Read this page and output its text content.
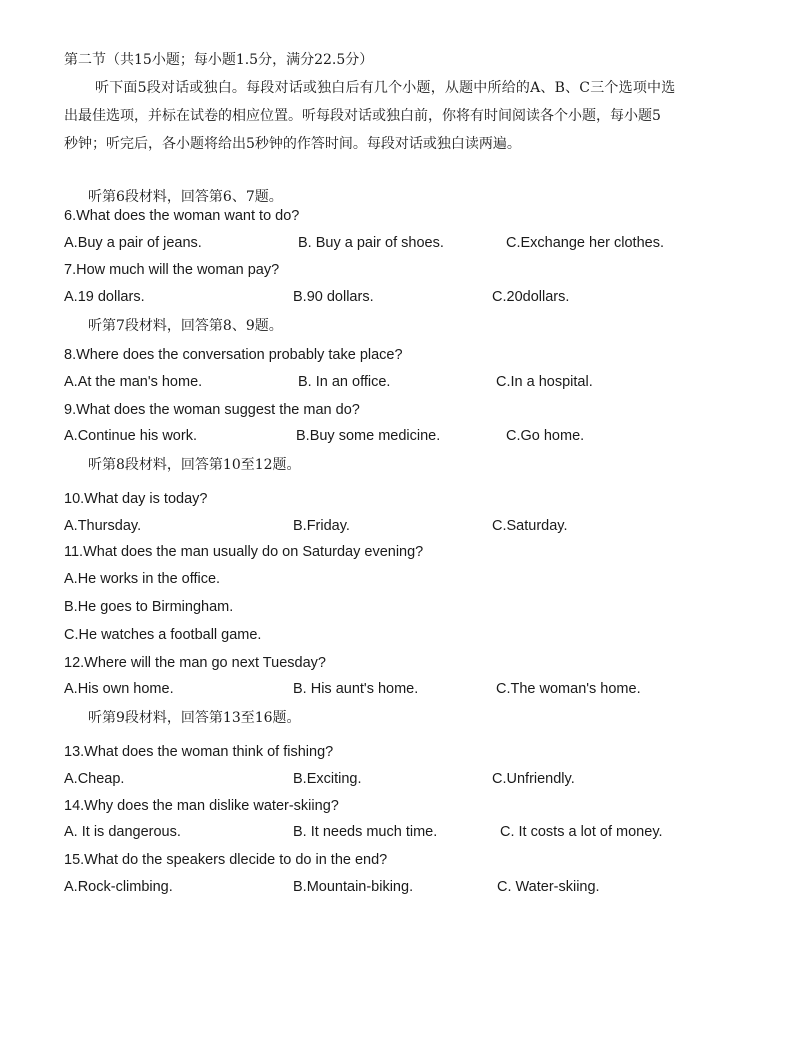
第二节（共15小题；每小题1.5分，满分22.5分）
听下面5段对话或独白。每段对话或独白后有几个小题，从题中所给的A、B、C三个选项中选
出最佳选项，并标在试卷的相应位置。听每段对话或独白前，你将有时间阅读各个小题，每小题5
秒钟；听完后，各小题将给出5秒钟的作答时间。每段对话或独白读两遍。
听第6段材料，回答第6、7题。
6.What does the woman want to do?
A.Buy a pair of jeans.	B. Buy a pair of shoes.	C.Exchange her clothes.
7.How much will the woman pay?
A.19 dollars.	B.90 dollars.	C.20dollars.
听第7段材料，回答第8、9题。
8.Where does the conversation probably take place?
A.At the man's home.	B. In an office.	C.In a hospital.
9.What does the woman suggest the man do?
A.Continue his work.	B.Buy some medicine.	C.Go home.
听第8段材料，回答第10至12题。
10.What day is today?
A.Thursday.	B.Friday.	C.Saturday.
11.What does the man usually do on Saturday evening?
A.He works in the office.
B.He goes to Birmingham.
C.He watches a football game.
12.Where will the man go next Tuesday?
A.His own home.	B. His aunt's home.	C.The woman's home.
听第9段材料，回答第13至16题。
13.What does the woman think of fishing?
A.Cheap.	B.Exciting.	C.Unfriendly.
14.Why does the man dislike water-skiing?
A. It is dangerous.	B. It needs much time.	C. It costs a lot of money.
15.What do the speakers dlecide to do in the end?
A.Rock-climbing.	B.Mountain-biking.	C. Water-skiing.
